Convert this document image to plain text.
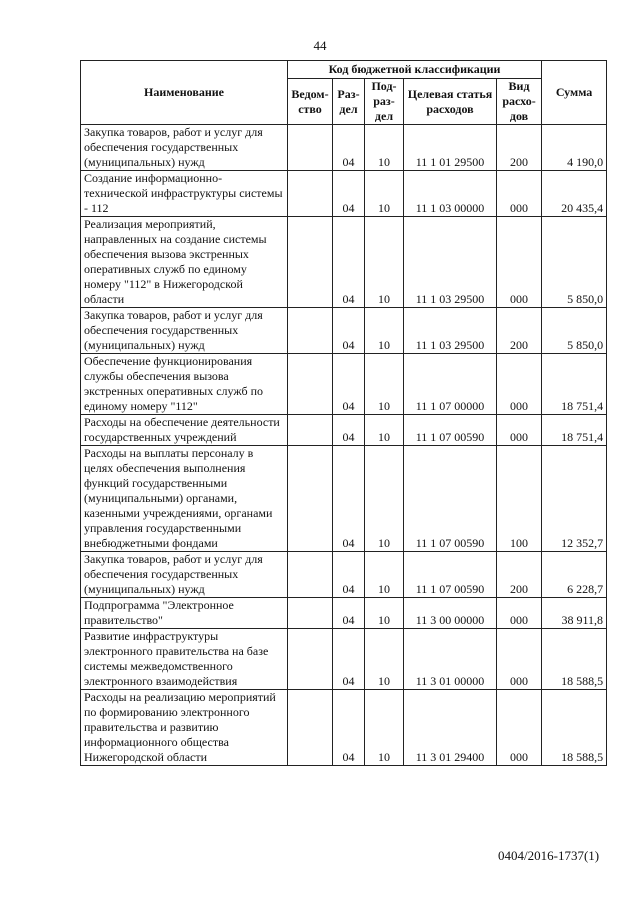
44
Наименование	Код бюджетной классификации					Сумма
	Ведом-ство	Раз-дел	Под-раз-дел	Целевая статья расходов	Вид расхо-дов	
Закупка товаров, работ и услуг для обеспечения государственных (муниципальных) нужд		04	10	11 1 01 29500	200	4 190,0
Создание информационно-технической инфраструктуры системы - 112		04	10	11 1 03 00000	000	20 435,4
Реализация мероприятий, направленных на создание системы обеспечения вызова экстренных оперативных служб по единому номеру "112" в Нижегородской области		04	10	11 1 03 29500	000	5 850,0
Закупка товаров, работ и услуг для обеспечения государственных (муниципальных) нужд		04	10	11 1 03 29500	200	5 850,0
Обеспечение функционирования службы обеспечения вызова экстренных оперативных служб по единому номеру "112"		04	10	11 1 07 00000	000	18 751,4
Расходы на обеспечение деятельности государственных учреждений		04	10	11 1 07 00590	000	18 751,4
Расходы на выплаты персоналу в целях обеспечения выполнения функций государственными (муниципальными) органами, казенными учреждениями, органами управления государственными внебюджетными фондами		04	10	11 1 07 00590	100	12 352,7
Закупка товаров, работ и услуг для обеспечения государственных (муниципальных) нужд		04	10	11 1 07 00590	200	6 228,7
Подпрограмма "Электронное правительство"		04	10	11 3 00 00000	000	38 911,8
Развитие инфраструктуры электронного правительства на базе системы межведомственного электронного взаимодействия		04	10	11 3 01 00000	000	18 588,5
Расходы на реализацию мероприятий по формированию электронного правительства и развитию информационного общества Нижегородской области		04	10	11 3 01 29400	000	18 588,5
0404/2016-1737(1)
